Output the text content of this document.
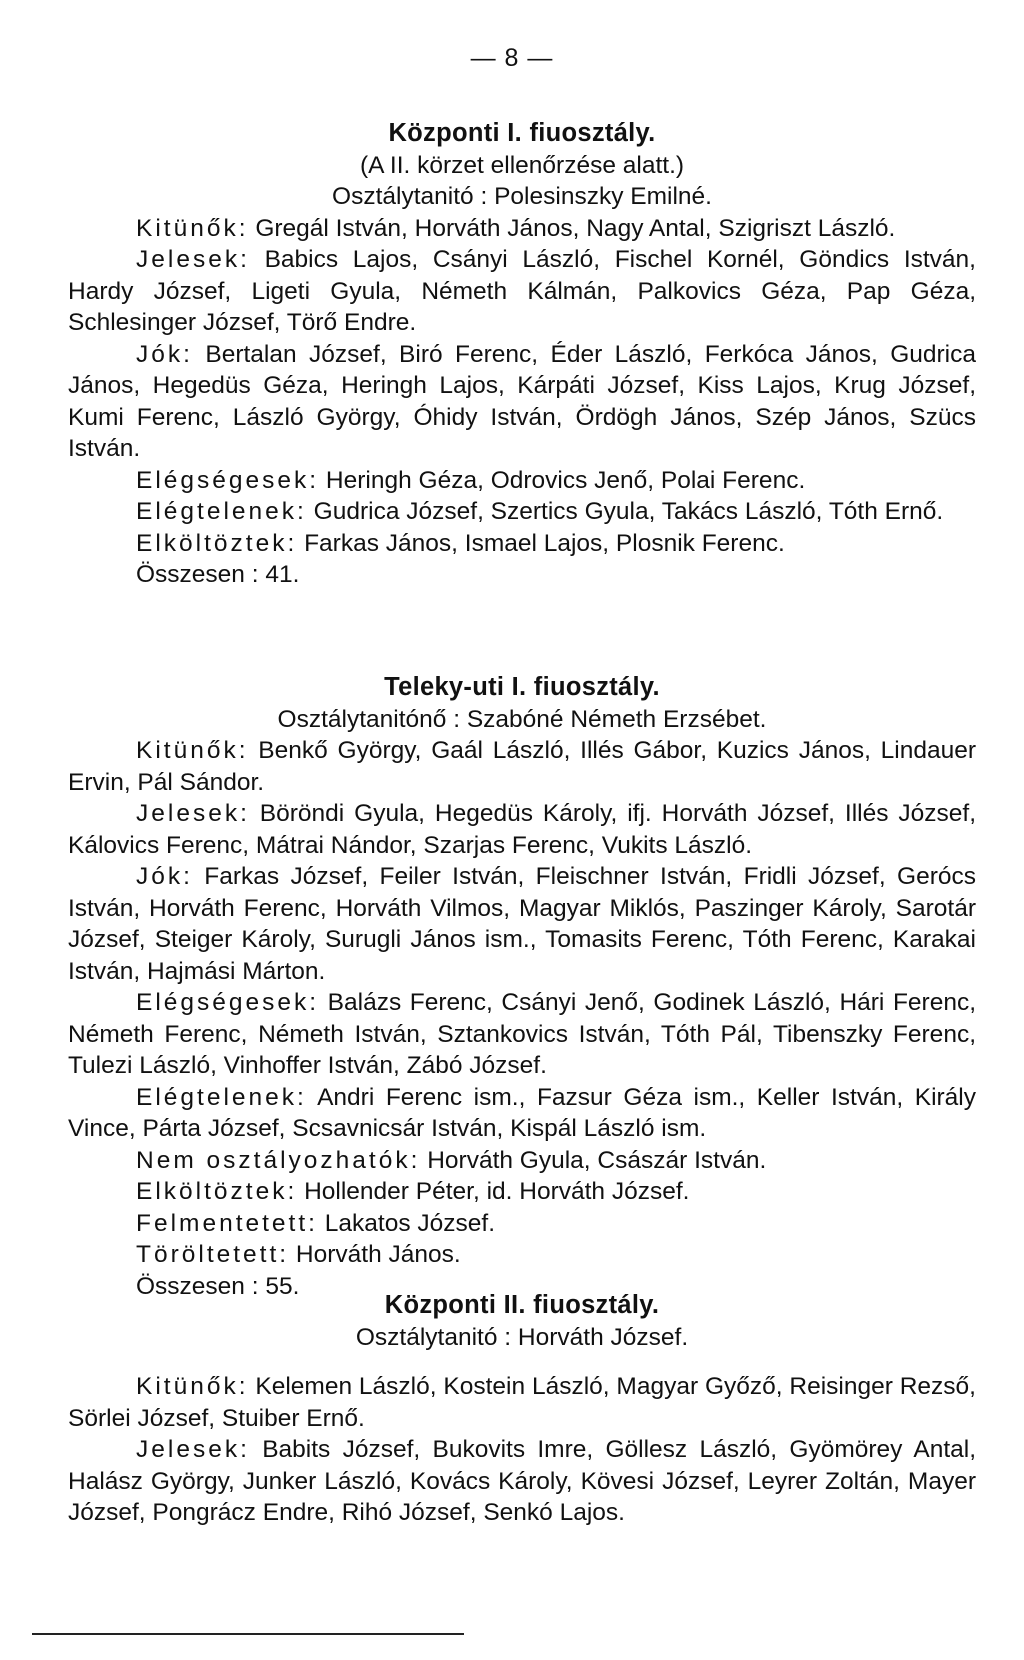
— 8 —

Központi I. fiuosztály.

(A II. körzet ellenőrzése alatt.)

Osztálytanitó : Polesinszky Emilné.

Kitünők: Gregál István, Horváth János, Nagy Antal, Szigriszt László.

Jelesek: Babics Lajos, Csányi László, Fischel Kornél, Göndics István, Hardy József, Ligeti Gyula, Németh Kálmán, Palkovics Géza, Pap Géza, Schlesinger József, Törő Endre.

Jók: Bertalan József, Biró Ferenc, Éder László, Ferkóca János, Gudrica János, Hegedüs Géza, Heringh Lajos, Kárpáti József, Kiss Lajos, Krug József, Kumi Ferenc, László György, Óhidy István, Ördögh János, Szép János, Szücs István.

Elégségesek: Heringh Géza, Odrovics Jenő, Polai Ferenc.

Elégtelenek: Gudrica József, Szertics Gyula, Takács László, Tóth Ernő.

Elköltöztek: Farkas János, Ismael Lajos, Plosnik Ferenc.

Összesen : 41.

Teleky-uti I. fiuosztály.

Osztálytanitónő : Szabóné Németh Erzsébet.

Kitünők: Benkő György, Gaál László, Illés Gábor, Kuzics János, Lindauer Ervin, Pál Sándor.

Jelesek: Böröndi Gyula, Hegedüs Károly, ifj. Horváth József, Illés József, Kálovics Ferenc, Mátrai Nándor, Szarjas Ferenc, Vukits László.

Jók: Farkas József, Feiler István, Fleischner István, Fridli József, Gerócs István, Horváth Ferenc, Horváth Vilmos, Magyar Miklós, Paszinger Károly, Sarotár József, Steiger Károly, Surugli János ism., Tomasits Ferenc, Tóth Ferenc, Karakai István, Hajmási Márton.

Elégségesek: Balázs Ferenc, Csányi Jenő, Godinek László, Hári Ferenc, Németh Ferenc, Németh István, Sztankovics István, Tóth Pál, Tibenszky Ferenc, Tulezi László, Vinhoffer István, Zábó József.

Elégtelenek: Andri Ferenc ism., Fazsur Géza ism., Keller István, Király Vince, Párta József, Scsavnicsár István, Kispál László ism.

Nem osztályozhatók: Horváth Gyula, Császár István.

Elköltöztek: Hollender Péter, id. Horváth József.

Felmentetett: Lakatos József.

Töröltetett: Horváth János.

Összesen : 55.

Központi II. fiuosztály.

Osztálytanitó : Horváth József.

Kitünők: Kelemen László, Kostein László, Magyar Győző, Reisinger Rezső, Sörlei József, Stuiber Ernő.

Jelesek: Babits József, Bukovits Imre, Göllesz László, Gyömörey Antal, Halász György, Junker László, Kovács Károly, Kövesi József, Leyrer Zoltán, Mayer József, Pongrácz Endre, Rihó József, Senkó Lajos.
